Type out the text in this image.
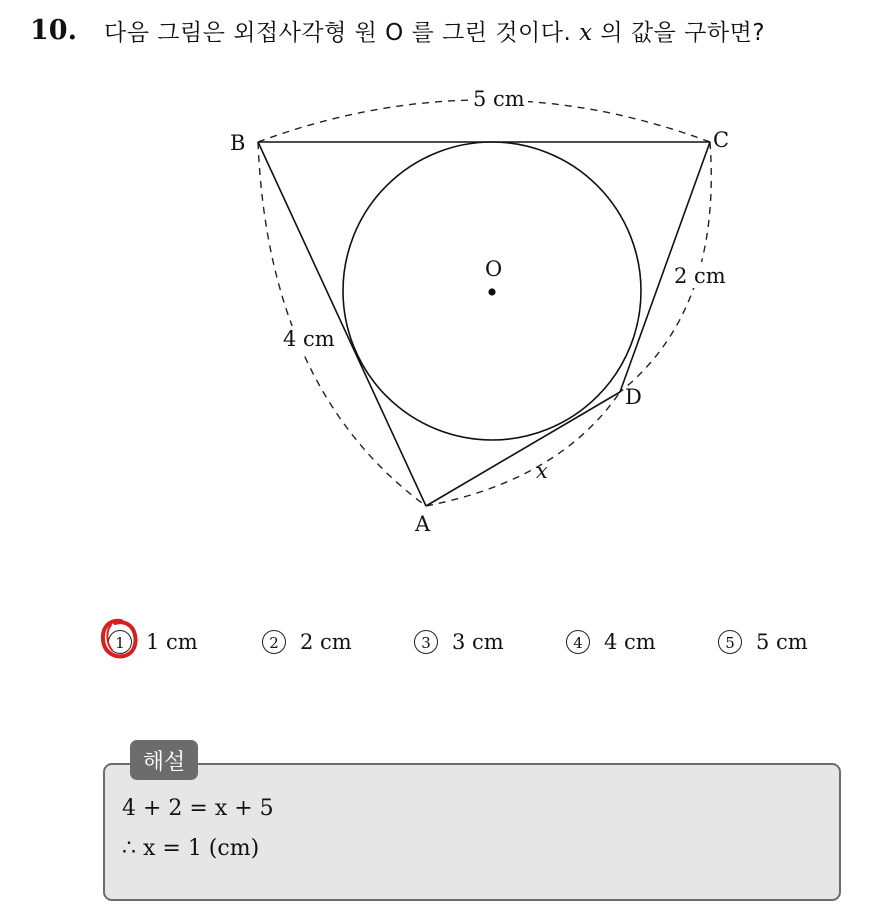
10.	다음 그림은 외접사각형 원 O 를 그린 것이다. x 의 값을 구하면?
O
B	C
A
D
5 cm
4 cm
2 cm
x
1	1 cm	2	2 cm	3	3 cm	4	4 cm	5	5 cm
해설
4 + 2 = x + 5
∴ x = 1 (cm)
